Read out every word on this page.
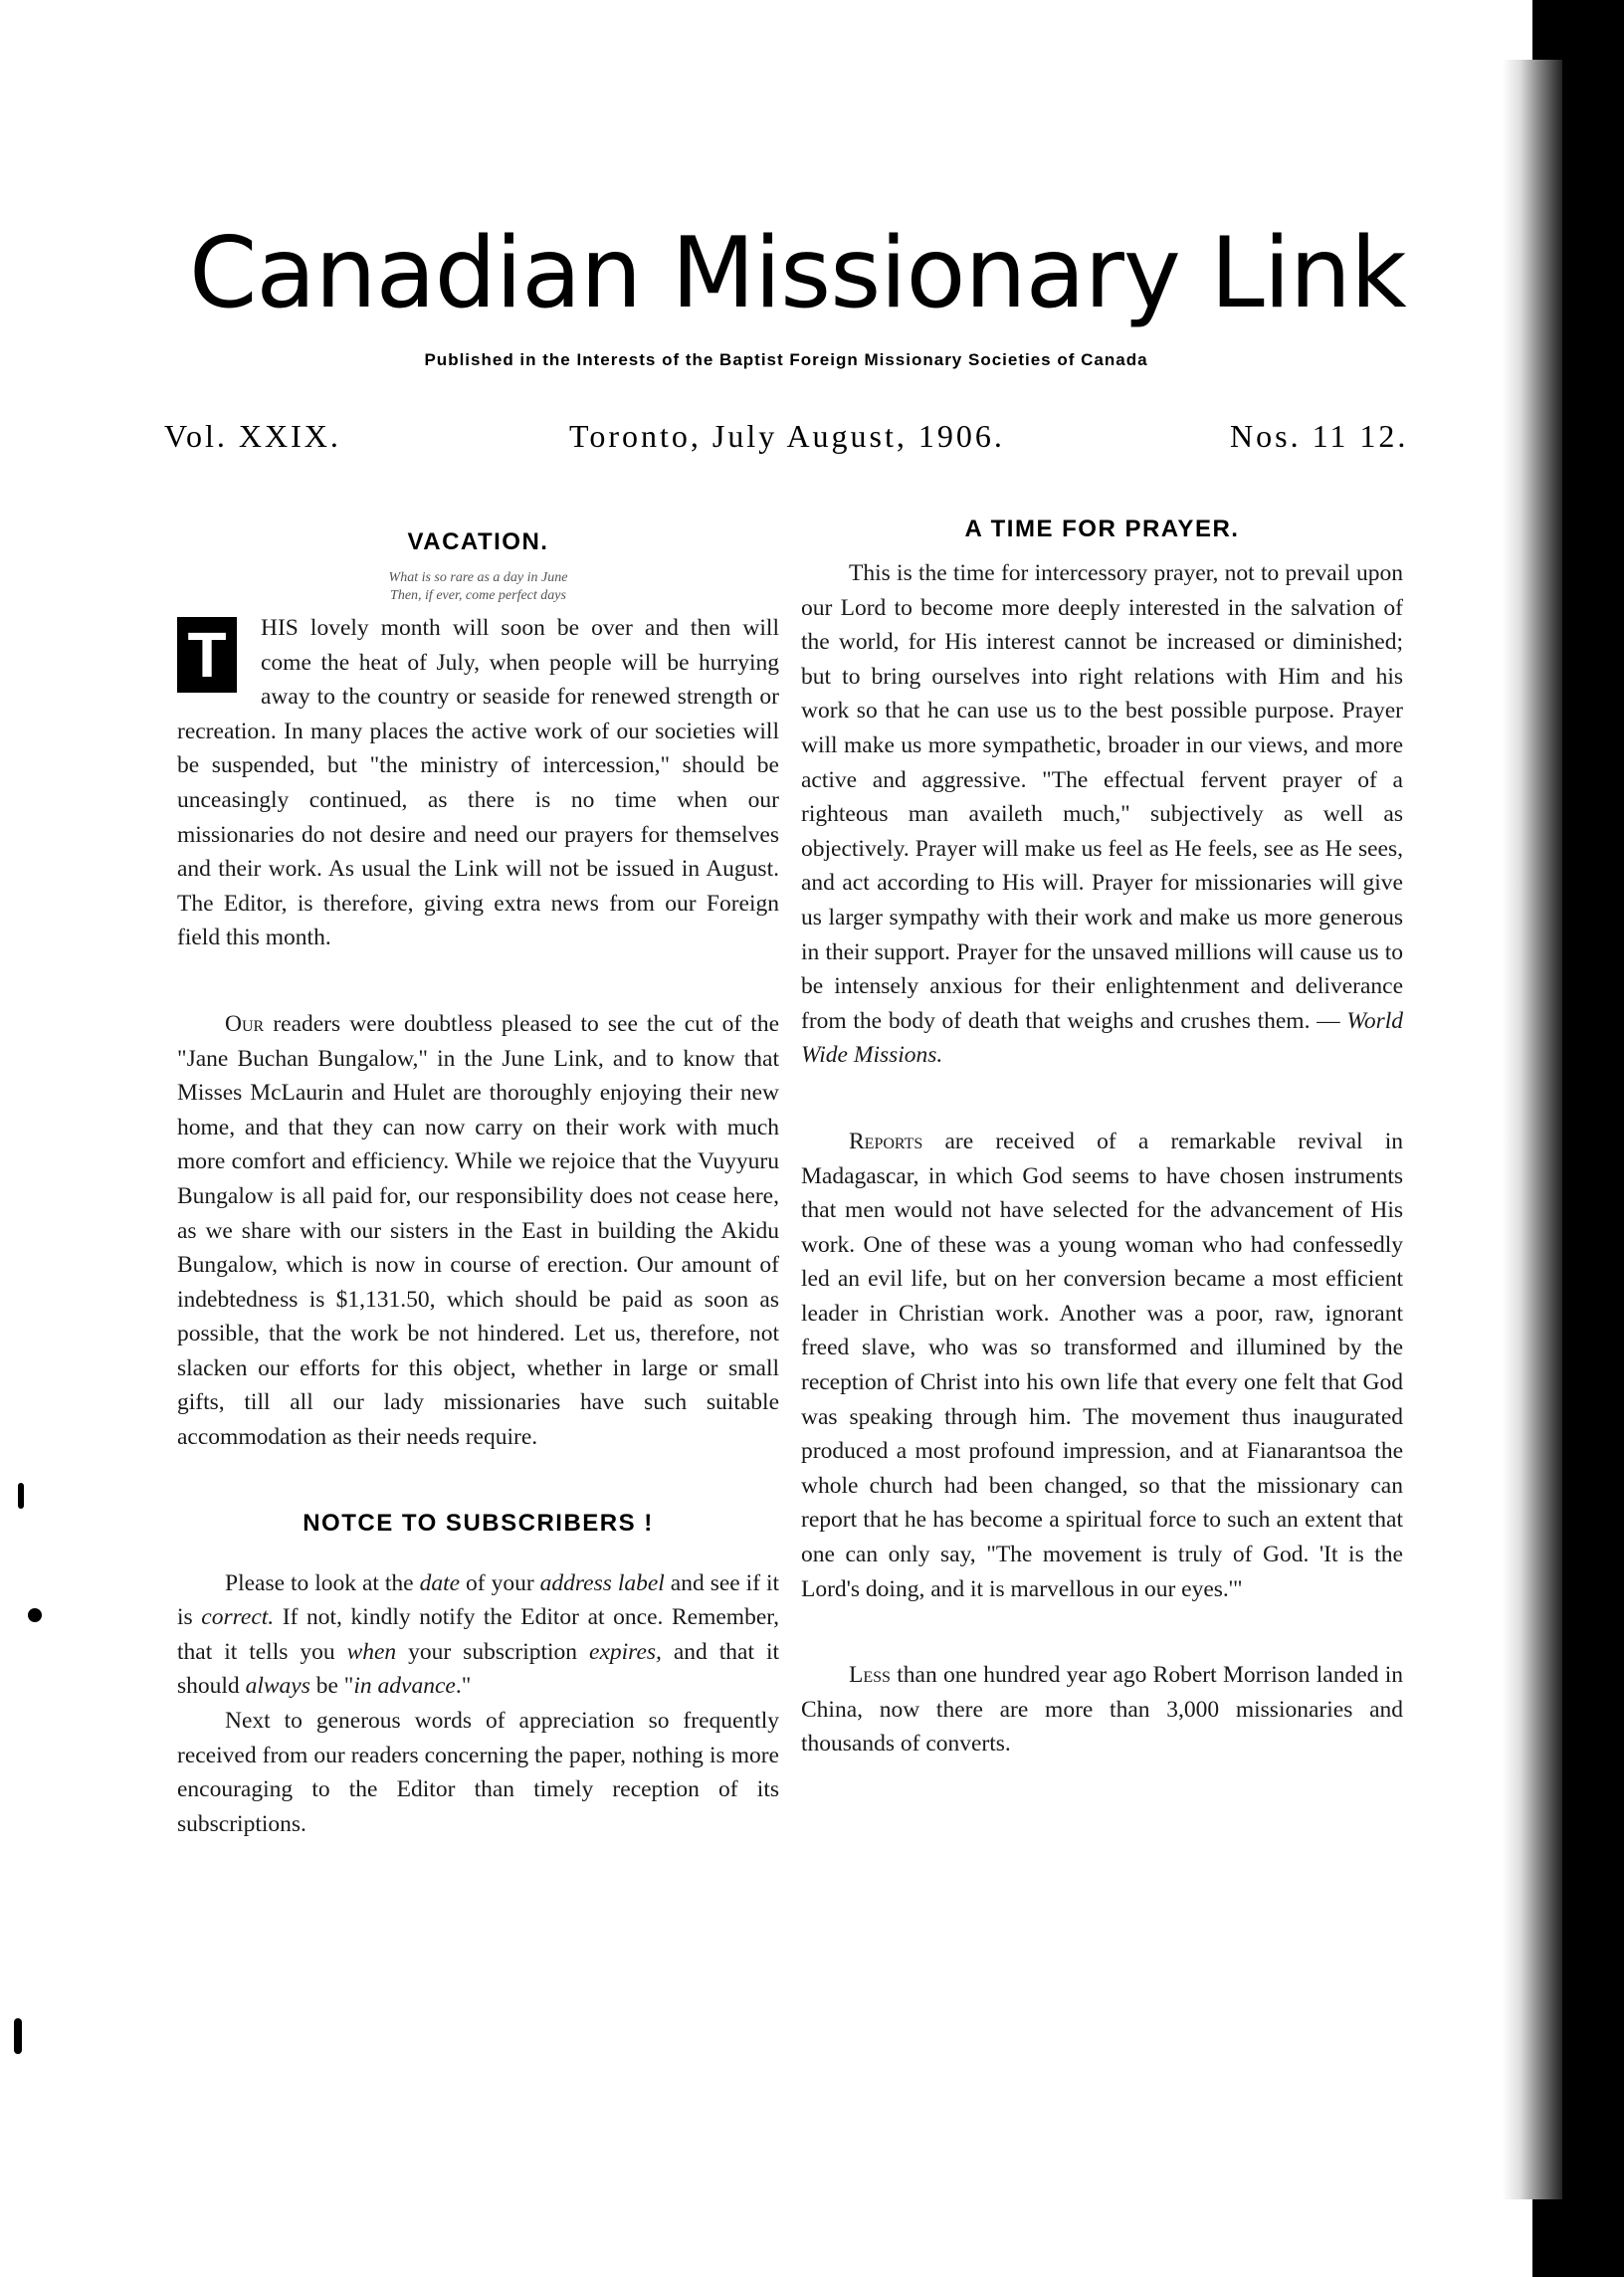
Canadian Missionary Link
Published in the Interests of the Baptist Foreign Missionary Societies of Canada
Vol. XXIX.	Toronto, July August, 1906.	Nos. 11 12.
VACATION.
What is so rare as a day in June
Then, if ever, come perfect days

T	HIS lovely month will soon be over and then will come the heat of July, when people will be hurrying away to the country or seaside for renewed strength or recreation. In many places the active work of our societies will be suspended, but "the ministry of intercession," should be unceasingly continued, as there is no time when our missionaries do not desire and need our prayers for themselves and their work. As usual the Link will not be issued in August. The Editor, is therefore, giving extra news from our Foreign field this month.

Our readers were doubtless pleased to see the cut of the "Jane Buchan Bungalow," in the June Link, and to know that Misses McLaurin and Hulet are thoroughly enjoying their new home, and that they can now carry on their work with much more comfort and efficiency. While we rejoice that the Vuyyuru Bungalow is all paid for, our responsibility does not cease here, as we share with our sisters in the East in building the Akidu Bungalow, which is now in course of erection. Our amount of indebtedness is $1,131.50, which should be paid as soon as possible, that the work be not hindered. Let us, therefore, not slacken our efforts for this object, whether in large or small gifts, till all our lady missionaries have such suitable accommodation as their needs require.

NOTCE TO SUBSCRIBERS !

Please to look at the date of your address label and see if it is correct. If not, kindly notify the Editor at once. Remember, that it tells you when your subscription expires, and that it should always be "in advance."

Next to generous words of appreciation so frequently received from our readers concerning the paper, nothing is more encouraging to the Editor than timely reception of its subscriptions.

A TIME FOR PRAYER.

This is the time for intercessory prayer, not to prevail upon our Lord to become more deeply interested in the salvation of the world, for His interest cannot be increased or diminished; but to bring ourselves into right relations with Him and his work so that he can use us to the best possible purpose. Prayer will make us more sympathetic, broader in our views, and more active and aggressive. "The effectual fervent prayer of a righteous man availeth much," subjectively as well as objectively. Prayer will make us feel as He feels, see as He sees, and act according to His will. Prayer for missionaries will give us larger sympathy with their work and make us more generous in their support. Prayer for the unsaved millions will cause us to be intensely anxious for their enlightenment and deliverance from the body of death that weighs and crushes them. — World Wide Missions.

Reports are received of a remarkable revival in Madagascar, in which God seems to have chosen instruments that men would not have selected for the advancement of His work. One of these was a young woman who had confessedly led an evil life, but on her conversion became a most efficient leader in Christian work. Another was a poor, raw, ignorant freed slave, who was so transformed and illumined by the reception of Christ into his own life that every one felt that God was speaking through him. The movement thus inaugurated produced a most profound impression, and at Fianarantsoa the whole church had been changed, so that the missionary can report that he has become a spiritual force to such an extent that one can only say, "The movement is truly of God. 'It is the Lord's doing, and it is marvellous in our eyes.'"

Less than one hundred year ago Robert Morrison landed in China, now there are more than 3,000 missionaries and thousands of converts.
